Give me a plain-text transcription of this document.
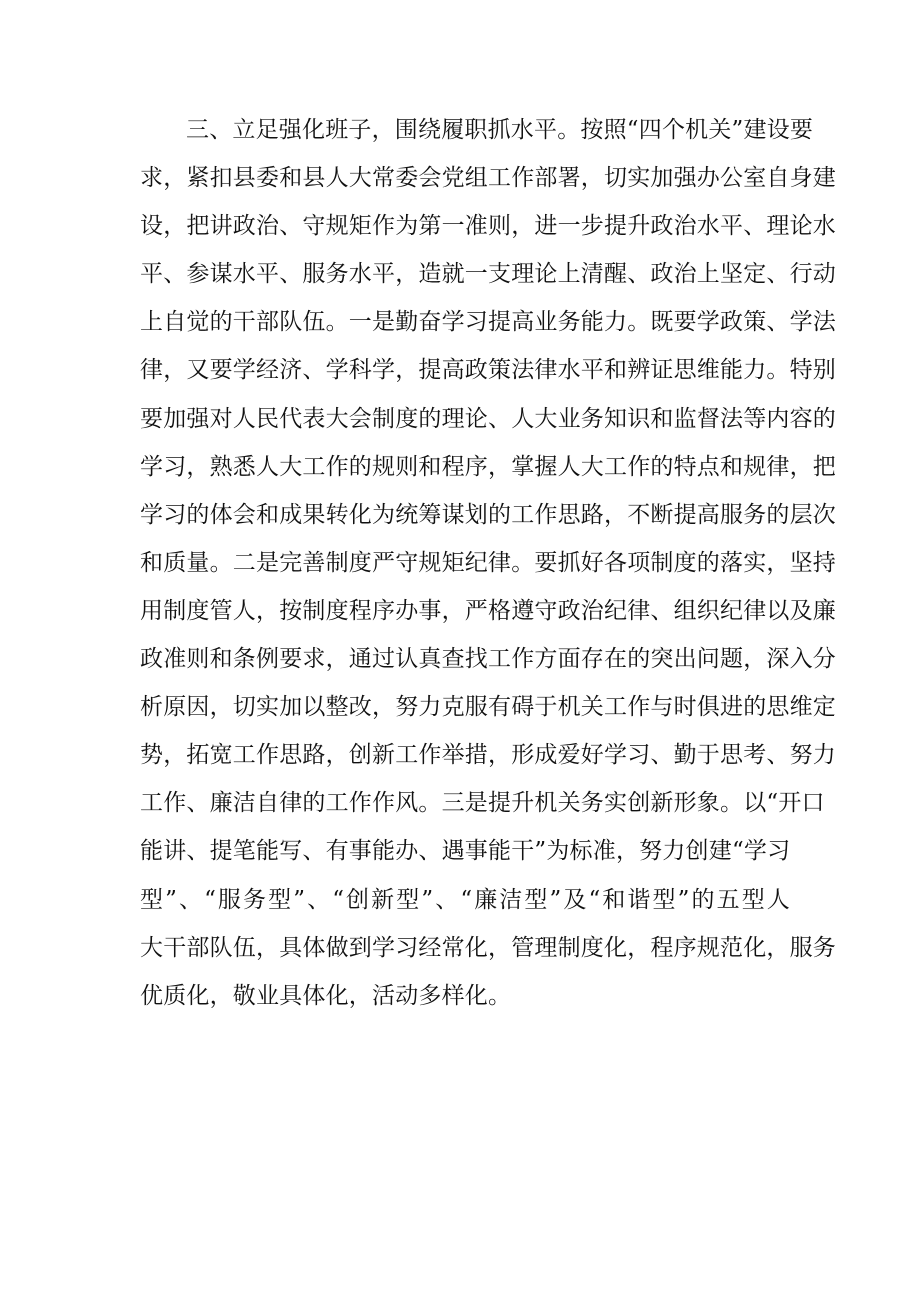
三、立足强化班子，围绕履职抓水平。按照“四个机关”建设要
求，紧扣县委和县人大常委会党组工作部署，切实加强办公室自身建
设，把讲政治、守规矩作为第一准则，进一步提升政治水平、理论水
平、参谋水平、服务水平，造就一支理论上清醒、政治上坚定、行动
上自觉的干部队伍。一是勤奋学习提高业务能力。既要学政策、学法
律，又要学经济、学科学，提高政策法律水平和辨证思维能力。特别
要加强对人民代表大会制度的理论、人大业务知识和监督法等内容的
学习，熟悉人大工作的规则和程序，掌握人大工作的特点和规律，把
学习的体会和成果转化为统筹谋划的工作思路，不断提高服务的层次
和质量。二是完善制度严守规矩纪律。要抓好各项制度的落实，坚持
用制度管人，按制度程序办事，严格遵守政治纪律、组织纪律以及廉
政准则和条例要求，通过认真查找工作方面存在的突出问题，深入分
析原因，切实加以整改，努力克服有碍于机关工作与时俱进的思维定
势，拓宽工作思路，创新工作举措，形成爱好学习、勤于思考、努力
工作、廉洁自律的工作作风。三是提升机关务实创新形象。以“开口
能讲、提笔能写、有事能办、遇事能干”为标准，努力创建“学习
型”、“服务型”、“创新型”、“廉洁型”及“和谐型”的五型人
大干部队伍，具体做到学习经常化，管理制度化，程序规范化，服务
优质化，敬业具体化，活动多样化。
